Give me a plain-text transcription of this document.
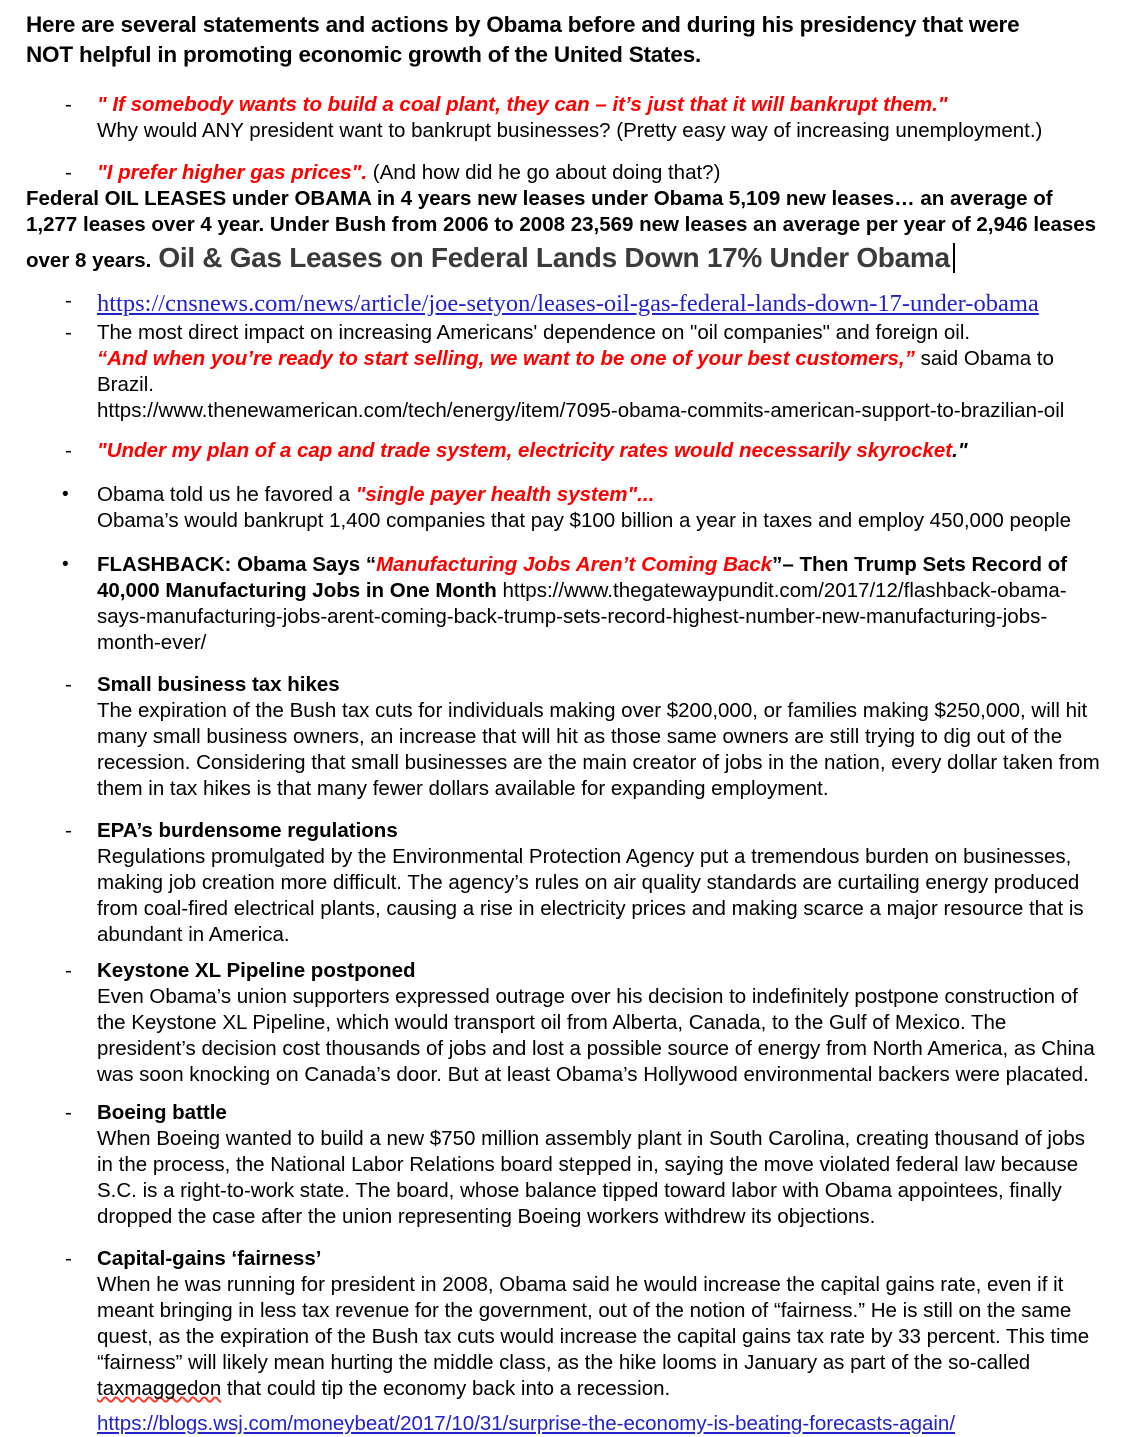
Here are several statements and actions by Obama before and during his presidency that were
NOT helpful in promoting economic growth of the United States.

-	" If somebody wants to build a coal plant, they can – it’s just that it will bankrupt them."
Why would ANY president want to bankrupt businesses? (Pretty easy way of increasing unemployment.)
-	"I prefer higher gas prices". (And how did he go about doing that?)

Federal OIL LEASES under OBAMA in 4 years new leases under Obama 5,109 new leases… an average of 1,277 leases over 4 year. Under Bush from 2006 to 2008 23,569 new leases an average per year of 2,946 leases over 8 years. Oil & Gas Leases on Federal Lands Down 17% Under Obama

-	https://cnsnews.com/news/article/joe-setyon/leases-oil-gas-federal-lands-down-17-under-obama
-	The most direct impact on increasing Americans' dependence on "oil companies" and foreign oil.
“And when you’re ready to start selling, we want to be one of your best customers,” said Obama to Brazil.
https://www.thenewamerican.com/tech/energy/item/7095-obama-commits-american-support-to-brazilian-oil
-	"Under my plan of a cap and trade system, electricity rates would necessarily skyrocket."
•	Obama told us he favored a "single payer health system"...
Obama’s would bankrupt 1,400 companies that pay $100 billion a year in taxes and employ 450,000 people
•	FLASHBACK: Obama Says “Manufacturing Jobs Aren’t Coming Back”– Then Trump Sets Record of 40,000 Manufacturing Jobs in One Month https://www.thegatewaypundit.com/2017/12/flashback-obama-says-manufacturing-jobs-arent-coming-back-trump-sets-record-highest-number-new-manufacturing-jobs-month-ever/
-	Small business tax hikes
The expiration of the Bush tax cuts for individuals making over $200,000, or families making $250,000, will hit many small business owners, an increase that will hit as those same owners are still trying to dig out of the recession. Considering that small businesses are the main creator of jobs in the nation, every dollar taken from them in tax hikes is that many fewer dollars available for expanding employment.
-	EPA’s burdensome regulations
Regulations promulgated by the Environmental Protection Agency put a tremendous burden on businesses, making job creation more difficult. The agency’s rules on air quality standards are curtailing energy produced from coal-fired electrical plants, causing a rise in electricity prices and making scarce a major resource that is abundant in America.
-	Keystone XL Pipeline postponed
Even Obama’s union supporters expressed outrage over his decision to indefinitely postpone construction of the Keystone XL Pipeline, which would transport oil from Alberta, Canada, to the Gulf of Mexico. The president’s decision cost thousands of jobs and lost a possible source of energy from North America, as China was soon knocking on Canada’s door. But at least Obama’s Hollywood environmental backers were placated.
-	Boeing battle
When Boeing wanted to build a new $750 million assembly plant in South Carolina, creating thousand of jobs in the process, the National Labor Relations board stepped in, saying the move violated federal law because S.C. is a right-to-work state. The board, whose balance tipped toward labor with Obama appointees, finally dropped the case after the union representing Boeing workers withdrew its objections.
-	Capital-gains ‘fairness’
When he was running for president in 2008, Obama said he would increase the capital gains rate, even if it meant bringing in less tax revenue for the government, out of the notion of “fairness.” He is still on the same quest, as the expiration of the Bush tax cuts would increase the capital gains tax rate by 33 percent. This time “fairness” will likely mean hurting the middle class, as the hike looms in January as part of the so-called taxmaggedon that could tip the economy back into a recession.
https://blogs.wsj.com/moneybeat/2017/10/31/surprise-the-economy-is-beating-forecasts-again/
